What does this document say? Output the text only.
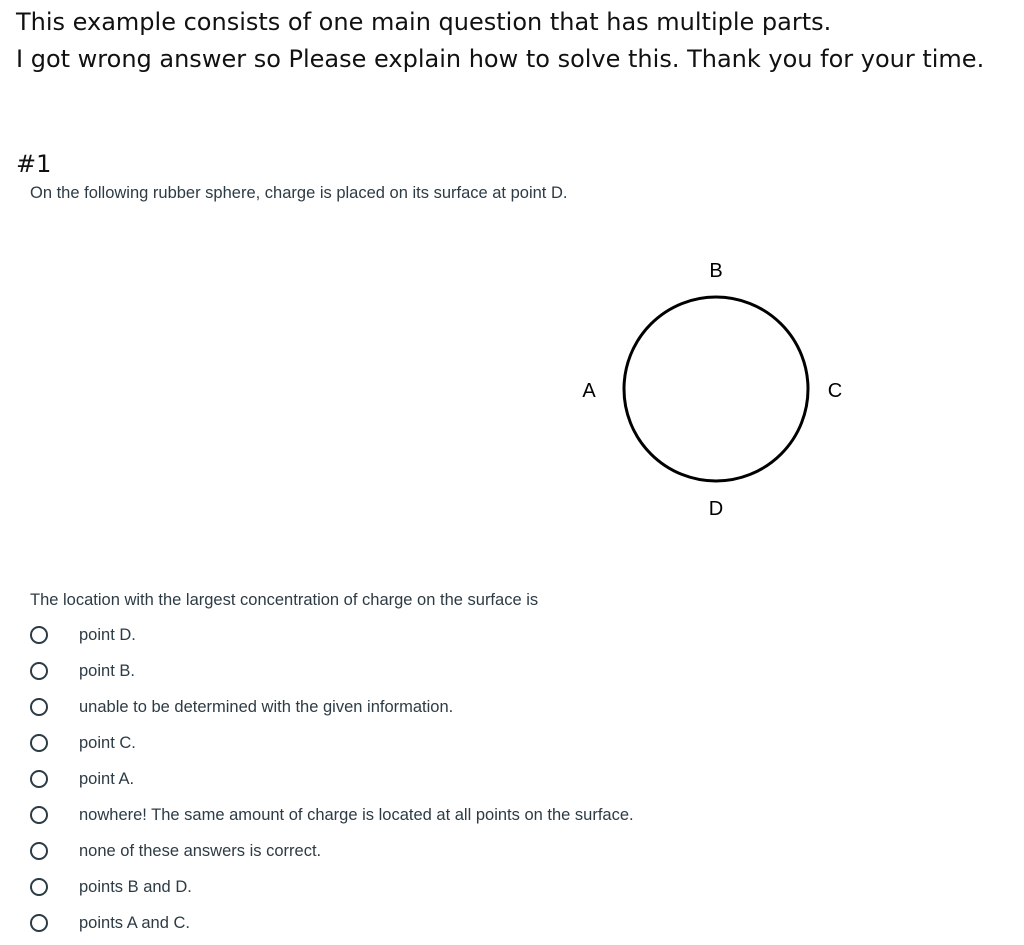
This example consists of one main question that has multiple parts.
I got wrong answer so Please explain how to solve this. Thank you for your time.
#1
On the following rubber sphere, charge is placed on its surface at point D.
B
A	C
D
The location with the largest concentration of charge on the surface is
point D.
point B.
unable to be determined with the given information.
point C.
point A.
nowhere! The same amount of charge is located at all points on the surface.
none of these answers is correct.
points B and D.
points A and C.
